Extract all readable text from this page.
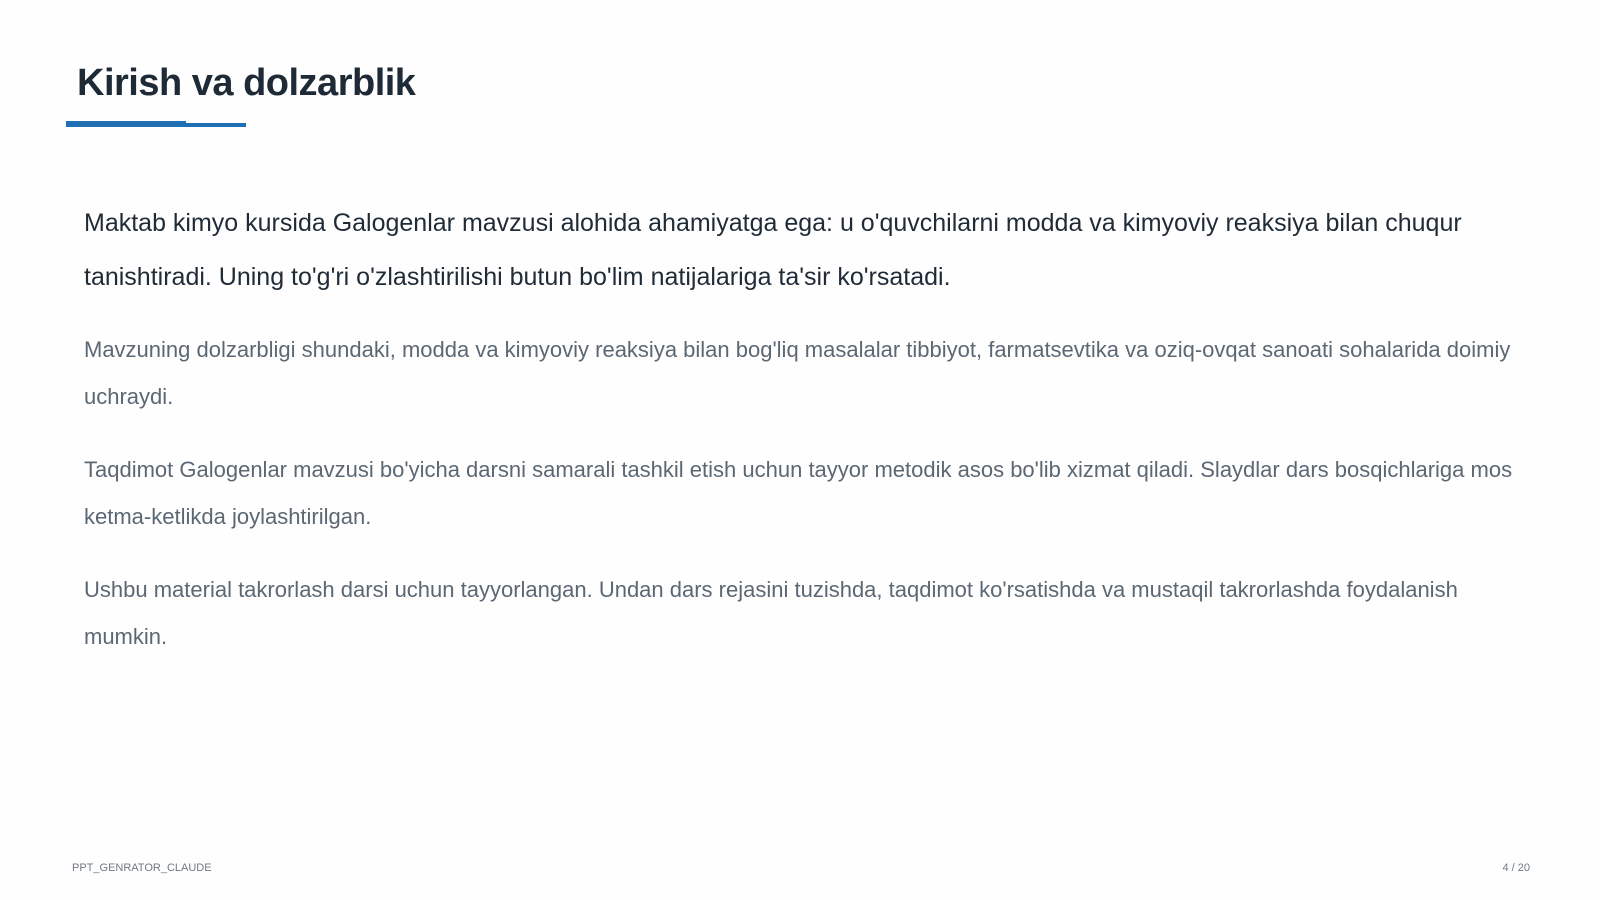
Kirish va dolzarblik

Maktab kimyo kursida Galogenlar mavzusi alohida ahamiyatga ega: u o'quvchilarni modda va kimyoviy reaksiya bilan chuqur tanishtiradi. Uning to'g'ri o'zlashtirilishi butun bo'lim natijalariga ta'sir ko'rsatadi.

Mavzuning dolzarbligi shundaki, modda va kimyoviy reaksiya bilan bog'liq masalalar tibbiyot, farmatsevtika va oziq-ovqat sanoati sohalarida doimiy uchraydi.

Taqdimot Galogenlar mavzusi bo'yicha darsni samarali tashkil etish uchun tayyor metodik asos bo'lib xizmat qiladi. Slaydlar dars bosqichlariga mos ketma-ketlikda joylashtirilgan.

Ushbu material takrorlash darsi uchun tayyorlangan. Undan dars rejasini tuzishda, taqdimot ko'rsatishda va mustaqil takrorlashda foydalanish mumkin.

PPT_GENRATOR_CLAUDE	4 / 20
